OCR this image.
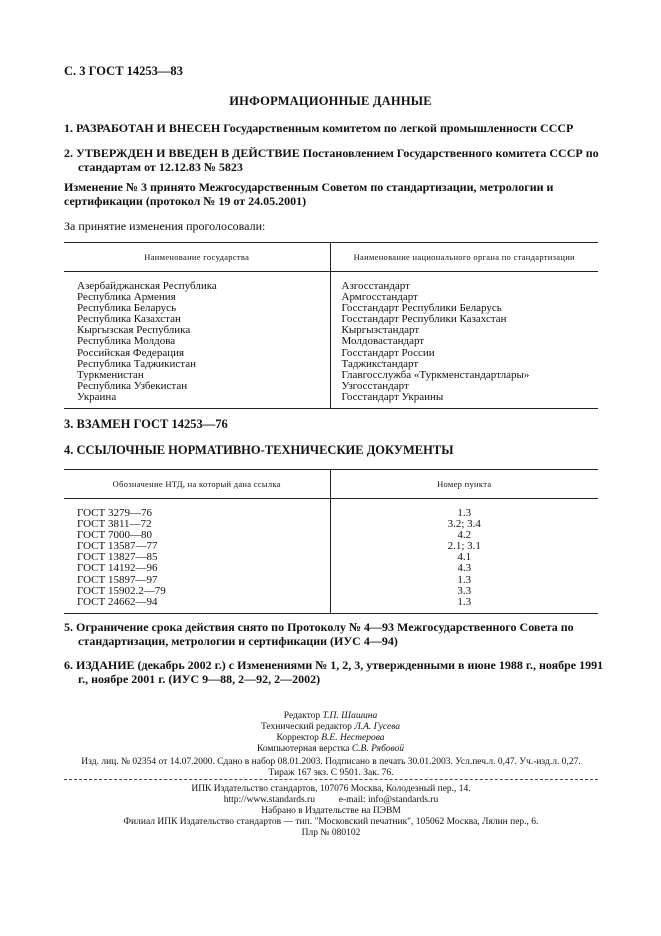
С. 3 ГОСТ 14253—83
ИНФОРМАЦИОННЫЕ ДАННЫЕ
1. РАЗРАБОТАН И ВНЕСЕН Государственным комитетом по легкой промышленности СССР
2. УТВЕРЖДЕН И ВВЕДЕН В ДЕЙСТВИЕ Постановлением Государственного комитета СССР по стандартам от 12.12.83 № 5823
Изменение № 3 принято Межгосударственным Советом по стандартизации, метрологии и сертификации (протокол № 19 от 24.05.2001)
За принятие изменения проголосовали:
Наименование государства	Наименование национального органа по стандартизации
Азербайджанская Республика
Республика Армения
Республика Беларусь
Республика Казахстан
Кыргызская Республика
Республика Молдова
Российская Федерация
Республика Таджикистан
Туркменистан
Республика Узбекистан
Украина
Азгосстандарт
Армгосстандарт
Госстандарт Республики Беларусь
Госстандарт Республики Казахстан
Кыргызстандарт
Молдовастандарт
Госстандарт России
Таджикстандарт
Главгосслужба «Туркменстандартлары»
Узгосстандарт
Госстандарт Украины
3. ВЗАМЕН ГОСТ 14253—76
4. ССЫЛОЧНЫЕ НОРМАТИВНО-ТЕХНИЧЕСКИЕ ДОКУМЕНТЫ
Обозначение НТД, на который дана ссылка	Номер пункта
ГОСТ 3279—76
ГОСТ 3811—72
ГОСТ 7000—80
ГОСТ 13587—77
ГОСТ 13827—85
ГОСТ 14192—96
ГОСТ 15897—97
ГОСТ 15902.2—79
ГОСТ 24662—94
1.3
3.2; 3.4
4.2
2.1; 3.1
4.1
4.3
1.3
3.3
1.3
5. Ограничение срока действия снято по Протоколу № 4—93 Межгосударственного Совета по стандартизации, метрологии и сертификации (ИУС 4—94)
6. ИЗДАНИЕ (декабрь 2002 г.) с Изменениями № 1, 2, 3, утвержденными в июне 1988 г., ноябре 1991 г., ноябре 2001 г. (ИУС 9—88, 2—92, 2—2002)
Редактор Т.П. Шашина
Технический редактор Л.А. Гусева
Корректор В.Е. Нестерова
Компьютерная верстка С.В. Рябовой
Изд. лиц. № 02354 от 14.07.2000. Сдано в набор 08.01.2003. Подписано в печать 30.01.2003. Усл.печ.л. 0,47. Уч.-изд.л. 0,27.
Тираж 167 экз. С 9501. Зак. 76.
ИПК Издательство стандартов, 107076 Москва, Колодезный пер., 14.
http://www.standards.ru          e-mail: info@standards.ru
Набрано в Издательстве на ПЭВМ
Филиал ИПК Издательство стандартов — тип. "Московский печатник", 105062 Москва, Лялин пер., 6.
Плр № 080102
